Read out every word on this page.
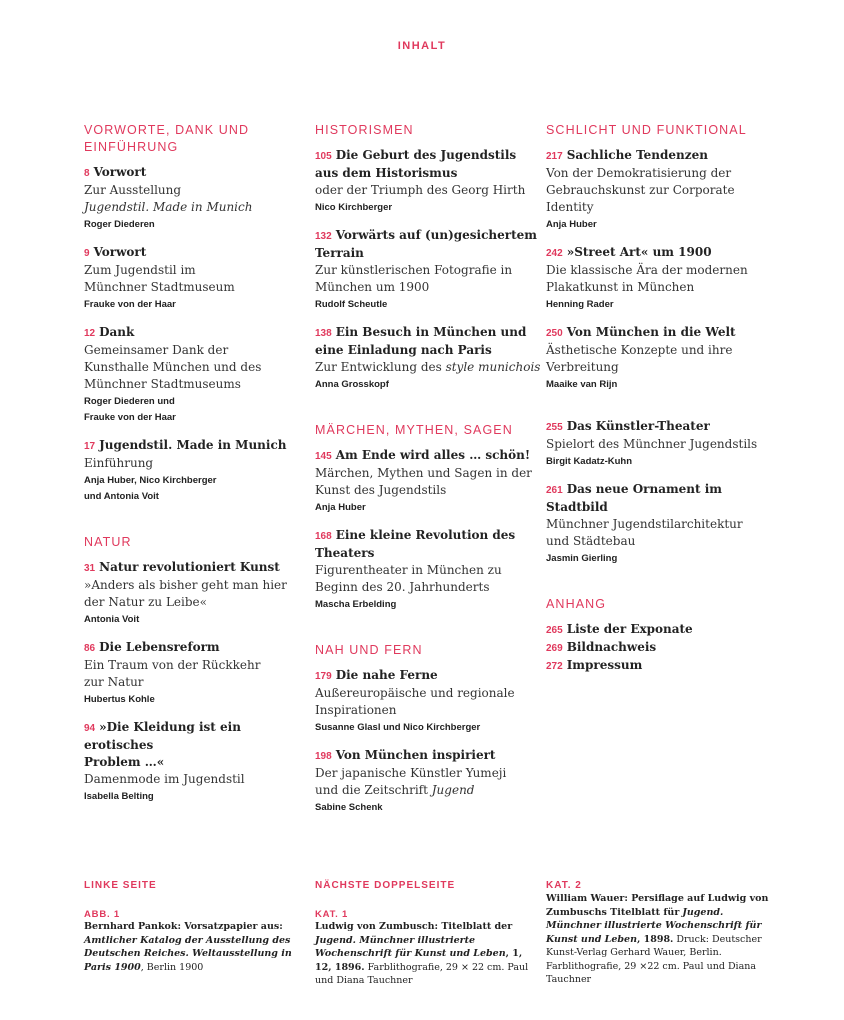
INHALT
VORWORTE, DANK UND EINFÜHRUNG
8 Vorwort
Zur Ausstellung
Jugendstil. Made in Munich
Roger Diederen
9 Vorwort
Zum Jugendstil im
Münchner Stadtmuseum
Frauke von der Haar
12 Dank
Gemeinsamer Dank der
Kunsthalle München und des
Münchner Stadtmuseums
Roger Diederen und
Frauke von der Haar
17 Jugendstil. Made in Munich
Einführung
Anja Huber, Nico Kirchberger
und Antonia Voit
NATUR
31 Natur revolutioniert Kunst
»Anders als bisher geht man hier
der Natur zu Leibe«
Antonia Voit
86 Die Lebensreform
Ein Traum von der Rückkehr
zur Natur
Hubertus Kohle
94 »Die Kleidung ist ein erotisches
Problem …«
Damenmode im Jugendstil
Isabella Belting
HISTORISMEN
105 Die Geburt des Jugendstils
aus dem Historismus
oder der Triumph des Georg Hirth
Nico Kirchberger
132 Vorwärts auf (un)gesichertem
Terrain
Zur künstlerischen Fotografie in
München um 1900
Rudolf Scheutle
138 Ein Besuch in München und
eine Einladung nach Paris
Zur Entwicklung des style munichois
Anna Grosskopf
MÄRCHEN, MYTHEN, SAGEN
145 Am Ende wird alles … schön!
Märchen, Mythen und Sagen in der
Kunst des Jugendstils
Anja Huber
168 Eine kleine Revolution des
Theaters
Figurentheater in München zu
Beginn des 20. Jahrhunderts
Mascha Erbelding
NAH UND FERN
179 Die nahe Ferne
Außereuropäische und regionale
Inspirationen
Susanne Glasl und Nico Kirchberger
198 Von München inspiriert
Der japanische Künstler Yumeji
und die Zeitschrift Jugend
Sabine Schenk
SCHLICHT UND FUNKTIONAL
217 Sachliche Tendenzen
Von der Demokratisierung der
Gebrauchskunst zur Corporate
Identity
Anja Huber
242 »Street Art« um 1900
Die klassische Ära der modernen
Plakatkunst in München
Henning Rader
250 Von München in die Welt
Ästhetische Konzepte und ihre
Verbreitung
Maaike van Rijn
255 Das Künstler-Theater
Spielort des Münchner Jugendstils
Birgit Kadatz-Kuhn
261 Das neue Ornament im Stadtbild
Münchner Jugendstilarchitektur
und Städtebau
Jasmin Gierling
ANHANG
265 Liste der Exponate
269 Bildnachweis
272 Impressum
LINKE SEITE
ABB. 1
Bernhard Pankok: Vorsatzpapier aus: Amtlicher Katalog der Ausstellung des Deutschen Reiches. Weltausstellung in Paris 1900, Berlin 1900
NÄCHSTE DOPPELSEITE
KAT. 1
Ludwig von Zumbusch: Titelblatt der Jugend. Münchner illustrierte Wochenschrift für Kunst und Leben, 1, 12, 1896. Farblithografie, 29 × 22 cm. Paul und Diana Tauchner
KAT. 2
William Wauer: Persiflage auf Ludwig von Zumbuschs Titelblatt für Jugend. Münchner illustrierte Wochenschrift für Kunst und Leben, 1898. Druck: Deutscher Kunst-Verlag Gerhard Wauer, Berlin. Farblithografie, 29 ×22 cm. Paul und Diana Tauchner
